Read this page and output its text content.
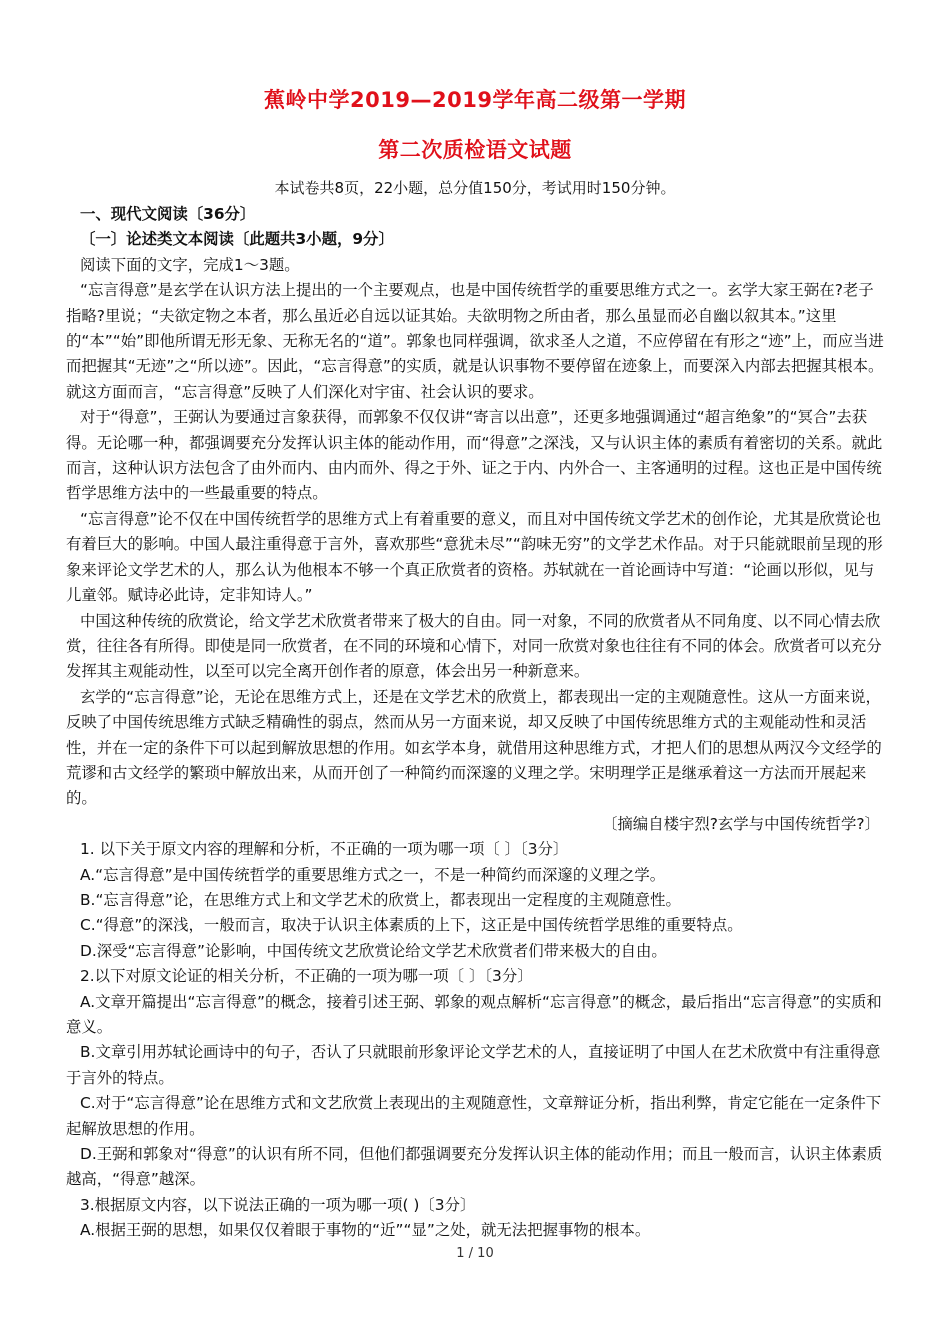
蕉岭中学2019—2019学年高二级第一学期
第二次质检语文试题
本试卷共8页，22小题，总分值150分，考试用时150分钟。

一、现代文阅读〔36分〕

〔一〕论述类文本阅读〔此题共3小题，9分〕

阅读下面的文字，完成1～3题。

“忘言得意”是玄学在认识方法上提出的一个主要观点，也是中国传统哲学的重要思维方式之一。玄学大家王弼在?老子指略?里说；“夫欲定物之本者，那么虽近必自远以证其始。夫欲明物之所由者，那么虽显而必自幽以叙其本。”这里的“本”“始”即他所谓无形无象、无称无名的“道”。郭象也同样强调，欲求圣人之道，不应停留在有形之“迹”上，而应当进而把握其“无迹”之“所以迹”。因此，“忘言得意”的实质，就是认识事物不要停留在迹象上，而要深入内部去把握其根本。就这方面而言，“忘言得意”反映了人们深化对宇宙、社会认识的要求。

对于“得意”，王弼认为要通过言象获得，而郭象不仅仅讲“寄言以出意”，还更多地强调通过“超言绝象”的“冥合”去获得。无论哪一种，都强调要充分发挥认识主体的能动作用，而“得意”之深浅，又与认识主体的素质有着密切的关系。就此而言，这种认识方法包含了由外而内、由内而外、得之于外、证之于内、内外合一、主客通明的过程。这也正是中国传统哲学思维方法中的一些最重要的特点。

“忘言得意”论不仅在中国传统哲学的思维方式上有着重要的意义，而且对中国传统文学艺术的创作论，尤其是欣赏论也有着巨大的影响。中国人最注重得意于言外，喜欢那些“意犹未尽”“韵味无穷”的文学艺术作品。对于只能就眼前呈现的形象来评论文学艺术的人，那么认为他根本不够一个真正欣赏者的资格。苏轼就在一首论画诗中写道：“论画以形似，见与儿童邻。赋诗必此诗，定非知诗人。”

中国这种传统的欣赏论，给文学艺术欣赏者带来了极大的自由。同一对象，不同的欣赏者从不同角度、以不同心情去欣赏，往往各有所得。即使是同一欣赏者，在不同的环境和心情下，对同一欣赏对象也往往有不同的体会。欣赏者可以充分发挥其主观能动性，以至可以完全离开创作者的原意，体会出另一种新意来。

玄学的“忘言得意”论，无论在思维方式上，还是在文学艺术的欣赏上，都表现出一定的主观随意性。这从一方面来说，反映了中国传统思维方式缺乏精确性的弱点，然而从另一方面来说，却又反映了中国传统思维方式的主观能动性和灵活性，并在一定的条件下可以起到解放思想的作用。如玄学本身，就借用这种思维方式，才把人们的思想从两汉今文经学的荒谬和古文经学的繁琐中解放出来，从而开创了一种简约而深邃的义理之学。宋明理学正是继承着这一方法而开展起来的。

〔摘编自楼宇烈?玄学与中国传统哲学?〕

1. 以下关于原文内容的理解和分析，不正确的一项为哪一项〔 〕〔3分〕

A.“忘言得意”是中国传统哲学的重要思维方式之一，不是一种简约而深邃的义理之学。

B.“忘言得意”论，在思维方式上和文学艺术的欣赏上，都表现出一定程度的主观随意性。

C.“得意”的深浅，一般而言，取决于认识主体素质的上下，这正是中国传统哲学思维的重要特点。

D.深受“忘言得意”论影响，中国传统文艺欣赏论给文学艺术欣赏者们带来极大的自由。

2.以下对原文论证的相关分析，不正确的一项为哪一项〔 〕〔3分〕

A.文章开篇提出“忘言得意”的概念，接着引述王弼、郭象的观点解析“忘言得意”的概念，最后指出“忘言得意”的实质和意义。

B.文章引用苏轼论画诗中的句子，否认了只就眼前形象评论文学艺术的人，直接证明了中国人在艺术欣赏中有注重得意于言外的特点。

C.对于“忘言得意”论在思维方式和文艺欣赏上表现出的主观随意性，文章辩证分析，指出利弊，肯定它能在一定条件下起解放思想的作用。

D.王弼和郭象对“得意”的认识有所不同，但他们都强调要充分发挥认识主体的能动作用；而且一般而言，认识主体素质越高，“得意”越深。

3.根据原文内容，以下说法正确的一项为哪一项( )〔3分〕

A.根据王弼的思想，如果仅仅着眼于事物的“近”“显”之处，就无法把握事物的根本。

1 / 10
